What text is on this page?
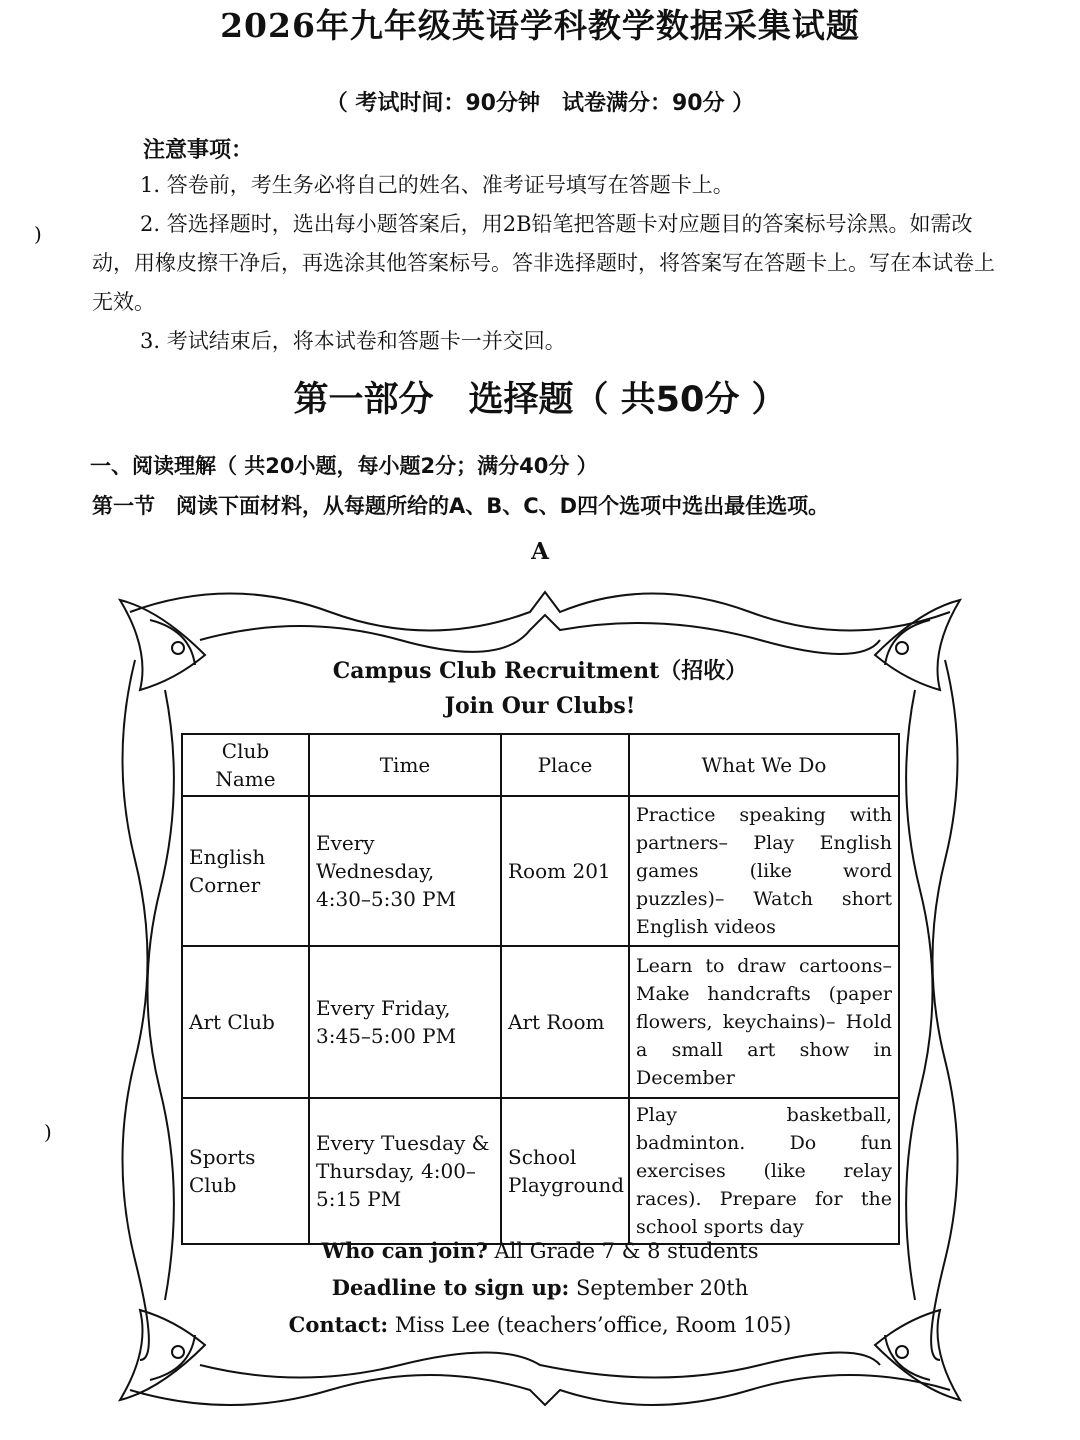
2026年九年级英语学科教学数据采集试题
（ 考试时间：90分钟　试卷满分：90分 ）
注意事项：
1. 答卷前，考生务必将自己的姓名、准考证号填写在答题卡上。
2. 答选择题时，选出每小题答案后，用2B铅笔把答题卡对应题目的答案标号涂黑。如需改动，用橡皮擦干净后，再选涂其他答案标号。答非选择题时，将答案写在答题卡上。写在本试卷上无效。
3. 考试结束后，将本试卷和答题卡一并交回。
)
)
第一部分　选择题（ 共50分 ）
一、阅读理解（ 共20小题，每小题2分；满分40分 ）
第一节　阅读下面材料，从每题所给的A、B、C、D四个选项中选出最佳选项。
A
Campus Club Recruitment（招收）
Join Our Clubs!
Club Name	Time	Place	What We Do
English Corner	Every Wednesday, 4:30–5:30 PM	Room 201	Practice speaking with partners– Play English games (like word puzzles)– Watch short English videos
Art Club	Every Friday, 3:45–5:00 PM	Art Room	Learn to draw cartoons– Make handcrafts (paper flowers, keychains)– Hold a small art show in December
Sports Club	Every Tuesday & Thursday, 4:00–5:15 PM	School Playground	Play basketball, badminton. Do fun exercises (like relay races). Prepare for the school sports day
Who can join? All Grade 7 & 8 students
Deadline to sign up: September 20th
Contact: Miss Lee (teachers’office, Room 105)
